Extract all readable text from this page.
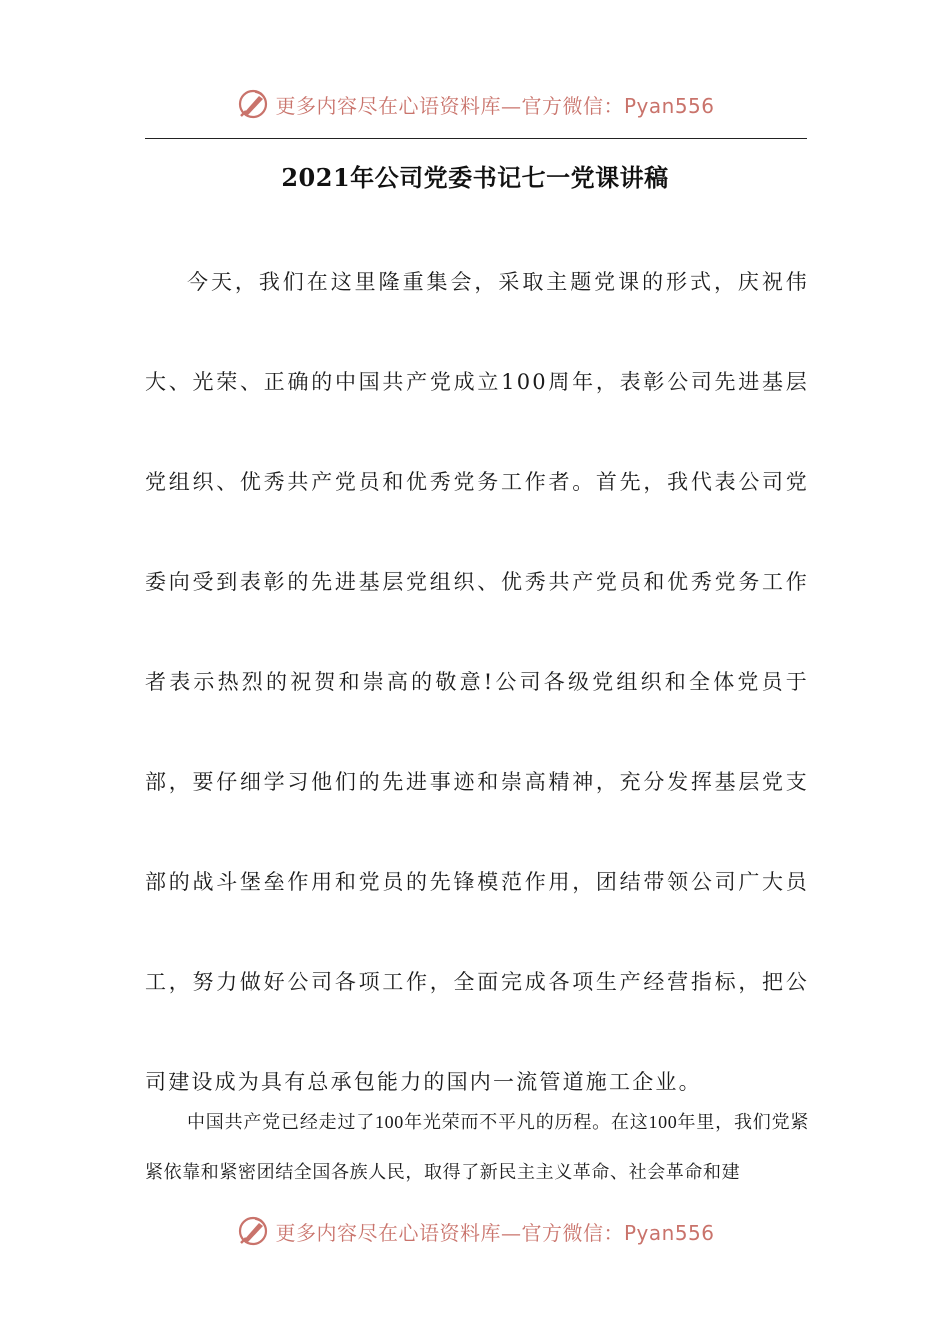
更多内容尽在心语资料库—官方微信：Pyan556
2021年公司党委书记七一党课讲稿

今天，我们在这里隆重集会，采取主题党课的形式，庆祝伟大、光荣、正确的中国共产党成立100周年，表彰公司先进基层党组织、优秀共产党员和优秀党务工作者。首先，我代表公司党委向受到表彰的先进基层党组织、优秀共产党员和优秀党务工作者表示热烈的祝贺和崇高的敬意!公司各级党组织和全体党员于部，要仔细学习他们的先进事迹和崇高精神，充分发挥基层党支部的战斗堡垒作用和党员的先锋模范作用，团结带领公司广大员工，努力做好公司各项工作，全面完成各项生产经营指标，把公司建设成为具有总承包能力的国内一流管道施工企业。

中国共产党已经走过了100年光荣而不平凡的历程。在这100年里，我们党紧紧依靠和紧密团结全国各族人民，取得了新民主主义革命、社会革命和建

更多内容尽在心语资料库—官方微信：Pyan556
